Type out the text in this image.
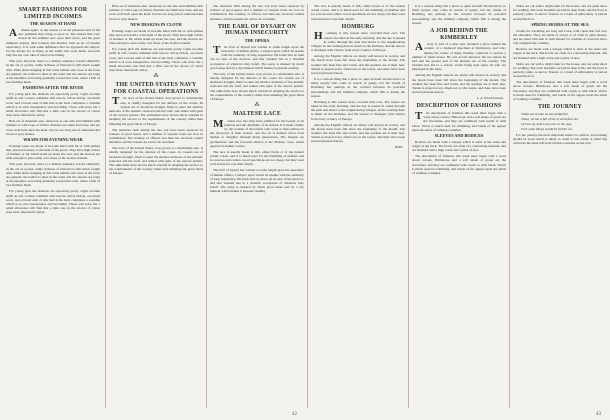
SMART FASHIONS FOR LIMITED INCOMES
THE SEASON AT HAND

Autumn again, as the season of social pleasures and of the new garments they bring, is upon us. The houses that were closed all the summer now open their doors, and the great milliners display their bonnets and mantles with an air of solemn expectancy. It is with some diffidence that we approach the subject, for the modes are as many as the ladies who wear them, and each lady has her own idea of what is becoming.

This year, however, there is a distinct tendency toward simplicity in the cut of gowns, while richness of material is still much sought after. Plain skirts hanging in full folds behind and close at the front are general; the bodice is short in the waist and the sleeves are large at the shoulder, narrowing gradually toward the wrist, where a frill of lace finishes them.

FASHIONS AFTER THE RIVER

For young girls the fashions are especially pretty. Light woollen stuffs in soft colours, trimmed with narrow velvet ribbon, are much worn, and a broad sash of silk tied at the back completes a costume which is at once inexpensive and becoming. Those who have but a small allowance will find that a little care in the choice of colour does more than much outlay.

Hats are of moderate size, turned up at one side and trimmed with feathers or with loops of ribbon. Bonnets are small and close, and are worn well back upon the head. Gloves are long and of undressed kid in tan or grey shades.

WRAPS FOR EVENING WEAR

Evening wraps are made of brocade lined with fur or with quilted silk, and reach nearly to the hem of the gown. They have high collars of feathers or fur which stand up about the ears, and the sleeves are wide enough to pass easily over those of the bodice beneath.

This year, however, there is a distinct tendency toward simplicity in the cut of gowns, while richness of material is still much sought after. Plain skirts hanging in full folds behind and close at the front are general; the bodice is short in the waist and the sleeves are large at the shoulder, narrowing gradually toward the wrist, where a frill of lace finishes them.

For young girls the fashions are especially pretty. Light woollen stuffs in soft colours, trimmed with narrow velvet ribbon, are much worn, and a broad sash of silk tied at the back completes a costume which is at once inexpensive and becoming. Those who have but a small allowance will find that a little care in the choice of colour does more than much outlay.

Hats are of moderate size, turned up at one side and trimmed with feathers or with loops of ribbon. Bonnets are small and close, and are worn well back upon the head. Gloves are long and of undressed kid in tan or grey shades.

NEW DESIGNS IN CLOTH

Evening wraps are made of brocade lined with fur or with quilted silk, and reach nearly to the hem of the gown. They have high collars of feathers or fur which stand up about the ears, and the sleeves are wide enough to pass easily over those of the bodice beneath.

For young girls the fashions are especially pretty. Light woollen stuffs in soft colours, trimmed with narrow velvet ribbon, are much worn, and a broad sash of silk tied at the back completes a costume which is at once inexpensive and becoming. Those who have but a small allowance will find that a little care in the choice of colour does more than much outlay.

⁂
THE UNITED STATES NAVY FOR COASTAL OPERATIONS

The navy of the United States, now grown to considerable size, is chiefly designed for the defence of the coasts. Its vessels are of moderate draught, fitted to enter the shallow harbours of the Atlantic seaboard and the Gulf, and armed with guns of the newest pattern. The authorities have shown much wisdom in adapting the service to the requirements of the country rather than imitating the great fleets of Europe.

The monitors built during the late war have been replaced by cruisers of good speed, and a number of torpedo boats are now in commission. The training of officers and men has received careful attention, and the results are said to be excellent.

The navy of the United States, now grown to considerable size, is chiefly designed for the defence of the coasts. Its vessels are of moderate draught, fitted to enter the shallow harbours of the Atlantic seaboard and the Gulf, and armed with guns of the newest pattern. The authorities have shown much wisdom in adapting the service to the requirements of the country rather than imitating the great fleets of Europe.

The monitors built during the late war have been replaced by cruisers of good speed, and a number of torpedo boats are now in commission. The training of officers and men has received careful attention, and the results are said to be excellent.

THE EARL OF DYSART ON HUMAN INSECURITY
THE OPERA

The Earl of Dysart has written at some length upon the insecurity of human affairs, a subject upon which he speaks with the authority of long experience. He holds that no man can be sure of the morrow, and that wisdom lies in a cheerful acceptance of whatever may befall. The essay is marked by much good sense and by a dry humour which makes it pleasant reading.

The navy of the United States, now grown to considerable size, is chiefly designed for the defence of the coasts. Its vessels are of moderate draught, fitted to enter the shallow harbours of the Atlantic seaboard and the Gulf, and armed with guns of the newest pattern. The authorities have shown much wisdom in adapting the service to the requirements of the country rather than imitating the great fleets of Europe.

⁂
MALTESE LACE

Maltese lace has long been admired for the beauty of its patterns and the durability of its texture. It is made chiefly by the women of the island, who work at their pillows in the doorways of their houses, and the art is handed down from mother to daughter through many generations. The designs are geometrical, and the favourite motive is the Maltese cross, which appears in endless variety.

The lace is usually made of silk, either black or of the natural cream colour, and it is much used for the trimming of mantles and for scarves and collars. Good specimens are not cheap, but they wear well and never lose their charm.

The Earl of Dysart has written at some length upon the insecurity of human affairs, a subject upon which he speaks with the authority of long experience. He holds that no man can be sure of the morrow, and that wisdom lies in a cheerful acceptance of whatever may befall. The essay is marked by much good sense and by a dry humour which makes it pleasant reading.

The lace is usually made of silk, either black or of the natural cream colour, and it is much used for the trimming of mantles and for scarves and collars. Good specimens are not cheap, but they wear well and never lose their charm.

HOMBURG

Homburg is this season more crowded than ever. The waters are taken in the early morning, and the day is passed in walks through the park and drives to the neighbouring villages. In the evening there is music in the Kurhaus, and the terrace is thronged with visitors from every country of Europe.

Among the English visitors are many well known in society, and the hotels have been full since the beginning of the month. The weather has been fine and warm, and the gardens are at their best. Tennis is played every afternoon on the lawns, and there have been several pleasant dances.

It is a curious thing that a place so quiet in itself should attract so many people who come in search of gaiety, but the charm of Homburg lies perhaps in the contrast between its peaceful surroundings and the brilliant company which fills it during the season.

Homburg is this season more crowded than ever. The waters are taken in the early morning, and the day is passed in walks through the park and drives to the neighbouring villages. In the evening there is music in the Kurhaus, and the terrace is thronged with visitors from every country of Europe.

Among the English visitors are many well known in society, and the hotels have been full since the beginning of the month. The weather has been fine and warm, and the gardens are at their best. Tennis is played every afternoon on the lawns, and there have been several pleasant dances.

JEAN.

It is a curious thing that a place so quiet in itself should attract so many people who come in search of gaiety, but the charm of Homburg lies perhaps in the contrast between its peaceful surroundings and the brilliant company which fills it during the season.

A JOB BEHIND THE KIMBERLEY

Astory is told of a man who obtained a place behind the counter of a diamond merchant at Kimberley, and who, during the course of many months, contrived to secrete a number of small stones. He was at last detected, but not before he had sent the greater part of his plunder out of the country. The incident has led to a stricter watch being kept upon all who are employed in the trade.

Among the English visitors are many well known in society, and the hotels have been full since the beginning of the month. The weather has been fine and warm, and the gardens are at their best. Tennis is played every afternoon on the lawns, and there have been several pleasant dances.

L. A. Schvartzmann.
DESCRIPTION OF FASHIONS

The description of fashions this week must begin with a word about colours. Heliotrope and a soft shade of green are the favourites, and they are combined with cream or with black. Velvet is much used for trimming, and bands of fur appear upon the skirts of walking costumes.

SLEEVES AND BODICES

Bodices are made with a basque which is short at the sides and longer at the back. The fronts are often of a contrasting material, and are finished with a high collar and a jabot of lace.

The description of fashions this week must begin with a word about colours. Heliotrope and a soft shade of green are the favourites, and they are combined with cream or with black. Velvet is much used for trimming, and bands of fur appear upon the skirts of walking costumes.

Skirts are cut with a slight train for the house, and are quite short for walking. The back breadths are laid in deep folds, and the front is perfectly plain. A narrow flounce or a band of embroidery is placed around the foot.

SPRING MODES AT THE SEA

Cloaks for travelling are long and loose, with capes that fall over the shoulders. They are made of tweed or of cloth in quiet shades, and are lined with silk or with flannel for warmth. A close hat and a veil complete the costume.

Bodices are made with a basque which is short at the sides and longer at the back. The fronts are often of a contrasting material, and are finished with a high collar and a jabot of lace.

Skirts are cut with a slight train for the house, and are quite short for walking. The back breadths are laid in deep folds, and the front is perfectly plain. A narrow flounce or a band of embroidery is placed around the foot.

The description of fashions this week must begin with a word about colours. Heliotrope and a soft shade of green are the favourites, and they are combined with cream or with black. Velvet is much used for trimming, and bands of fur appear upon the skirts of walking costumes.

THE JOURNEY
Think not of man as one delightful
Thing; he but a fall of the of all before me.
Of how my heart was ever in the way,
Fore what things would be further on.

For the journey the most important matter is comfort, and nothing should be worn which is likely to crush or soil easily. A small bag carried in the hand will hold all that is needed on the way.

42	43
